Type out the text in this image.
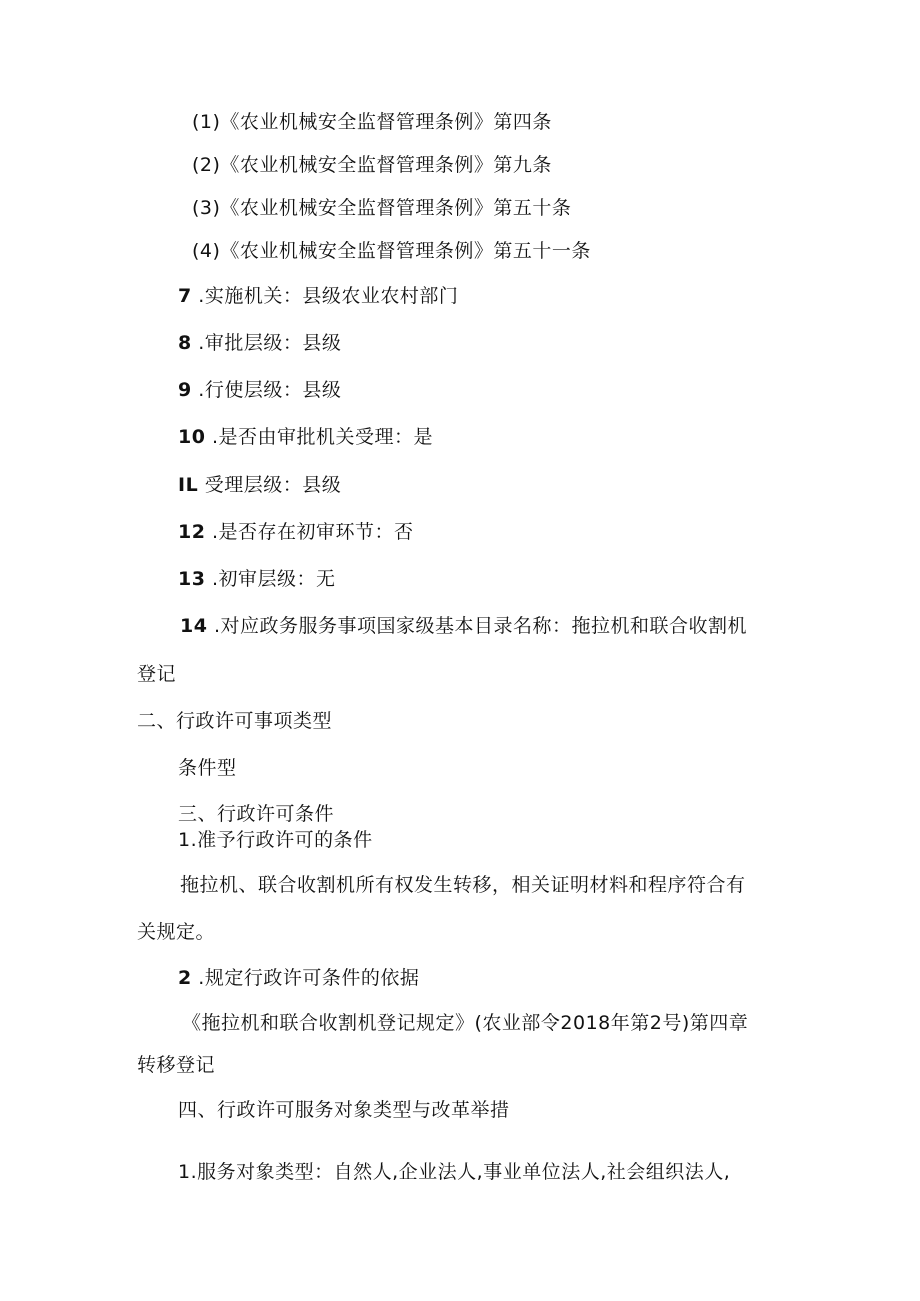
(1)《农业机械安全监督管理条例》第四条
(2)《农业机械安全监督管理条例》第九条
(3)《农业机械安全监督管理条例》第五十条
(4)《农业机械安全监督管理条例》第五十一条
7 .实施机关：县级农业农村部门
8 .审批层级：县级
9 .行使层级：县级
10 .是否由审批机关受理：是
IL 受理层级：县级
12 .是否存在初审环节：否
13 .初审层级：无
14 .对应政务服务事项国家级基本目录名称：拖拉机和联合收割机
登记
二、行政许可事项类型
条件型
三、行政许可条件
1.准予行政许可的条件
拖拉机、联合收割机所有权发生转移，相关证明材料和程序符合有
关规定。
2 .规定行政许可条件的依据
《拖拉机和联合收割机登记规定》(农业部令2018年第2号)第四章
转移登记
四、行政许可服务对象类型与改革举措
1.服务对象类型：自然人,企业法人,事业单位法人,社会组织法人,
